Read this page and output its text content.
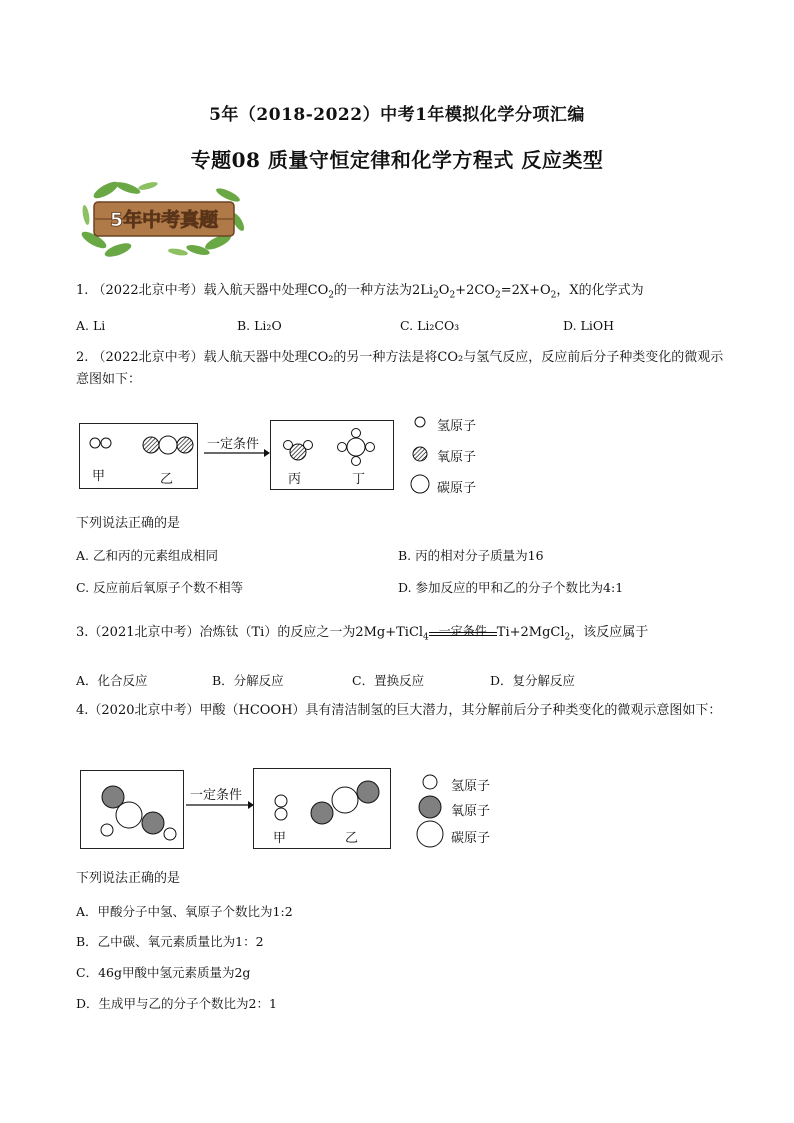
5年（2018-2022）中考1年模拟化学分项汇编
专题08 质量守恒定律和化学方程式 反应类型
5年中考真题
1. （2022北京中考）载入航天器中处理$CO_2$的一种方法为$2Li_2O_2+2CO_2=2X+O_2$，X的化学式为
A. Li	B. Li₂O	C. Li₂CO₃	D. LiOH
2. （2022北京中考）载人航天器中处理CO₂的另一种方法是将CO₂与氢气反应，反应前后分子种类变化的微观示意图如下：
甲	乙
一定条件
丙	丁
氢原子
氧原子
碳原子
下列说法正确的是
A. 乙和丙的元素组成相同	B. 丙的相对分子质量为16
C. 反应前后氧原子个数不相等	D. 参加反应的甲和乙的分子个数比为4:1
3.（2021北京中考）冶炼钛（Ti）的反应之一为2Mg+TiCl$_4$ 一定条件 Ti+2MgCl$_2$，该反应属于
A．化合反应	B．分解反应	C．置换反应	D．复分解反应
4.（2020北京中考）甲酸（HCOOH）具有清洁制氢的巨大潜力，其分解前后分子种类变化的微观示意图如下：
一定条件
甲	乙
氢原子
氧原子
碳原子
下列说法正确的是
A．甲酸分子中氢、氧原子个数比为1:2
B．乙中碳、氧元素质量比为1：2
C．46g甲酸中氢元素质量为2g
D．生成甲与乙的分子个数比为2：1
